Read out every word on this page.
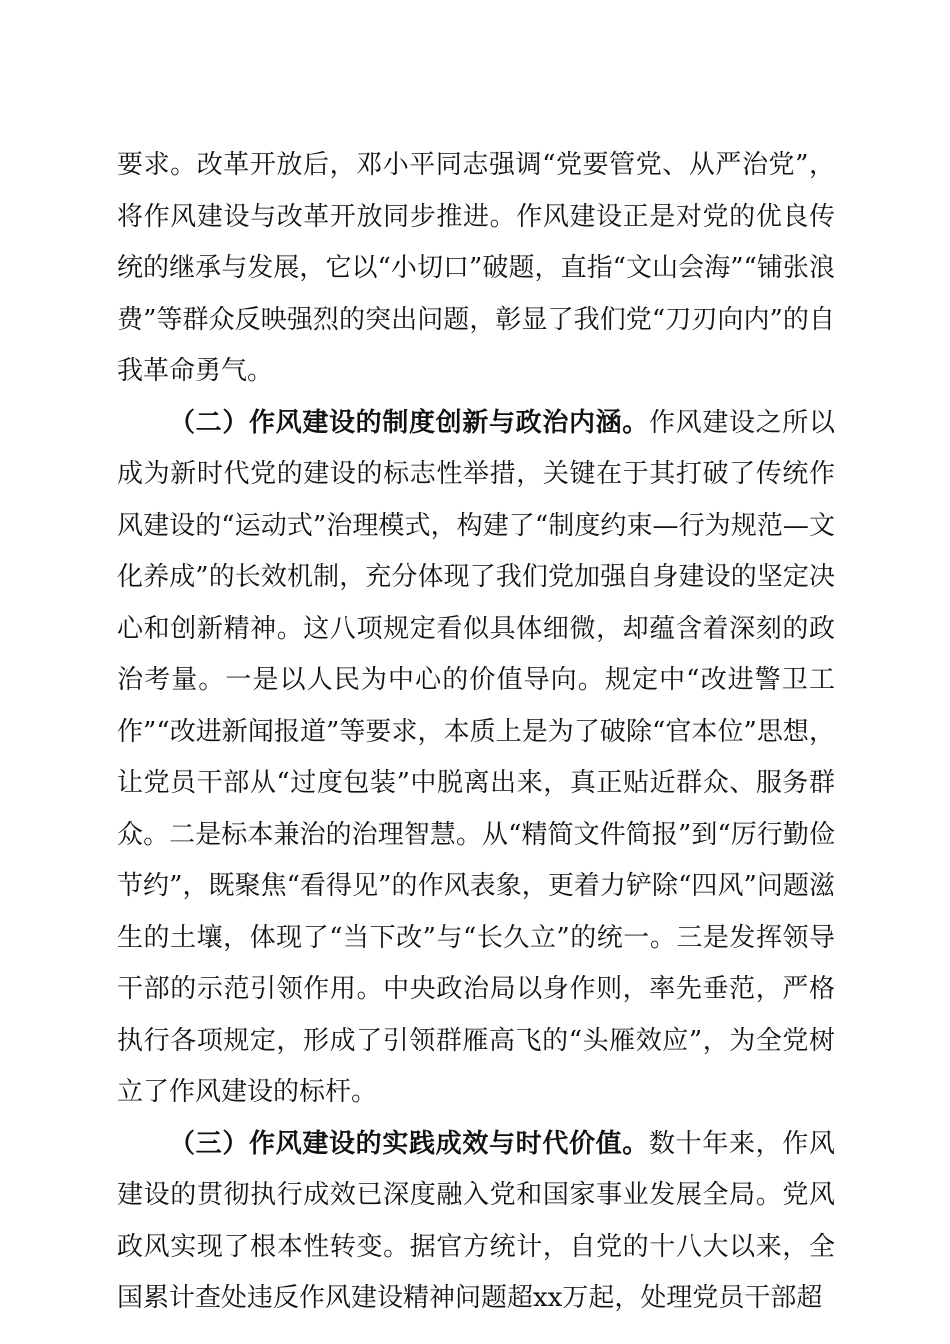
要求。改革开放后，邓小平同志强调“党要管党、从严治党”，将作风建设与改革开放同步推进。作风建设正是对党的优良传统的继承与发展，它以“小切口”破题，直指“文山会海”“铺张浪费”等群众反映强烈的突出问题，彰显了我们党“刀刃向内”的自我革命勇气。

（二）作风建设的制度创新与政治内涵。作风建设之所以成为新时代党的建设的标志性举措，关键在于其打破了传统作风建设的“运动式”治理模式，构建了“制度约束—行为规范—文化养成”的长效机制，充分体现了我们党加强自身建设的坚定决心和创新精神。这八项规定看似具体细微，却蕴含着深刻的政治考量。一是以人民为中心的价值导向。规定中“改进警卫工作”“改进新闻报道”等要求，本质上是为了破除“官本位”思想，让党员干部从“过度包装”中脱离出来，真正贴近群众、服务群众。二是标本兼治的治理智慧。从“精简文件简报”到“厉行勤俭节约”，既聚焦“看得见”的作风表象，更着力铲除“四风”问题滋生的土壤，体现了“当下改”与“长久立”的统一。三是发挥领导干部的示范引领作用。中央政治局以身作则，率先垂范，严格执行各项规定，形成了引领群雁高飞的“头雁效应”，为全党树立了作风建设的标杆。

（三）作风建设的实践成效与时代价值。数十年来，作风建设的贯彻执行成效已深度融入党和国家事业发展全局。党风政风实现了根本性转变。据官方统计，自党的十八大以来，全国累计查处违反作风建设精神问题超xx万起，处理党员干部超
